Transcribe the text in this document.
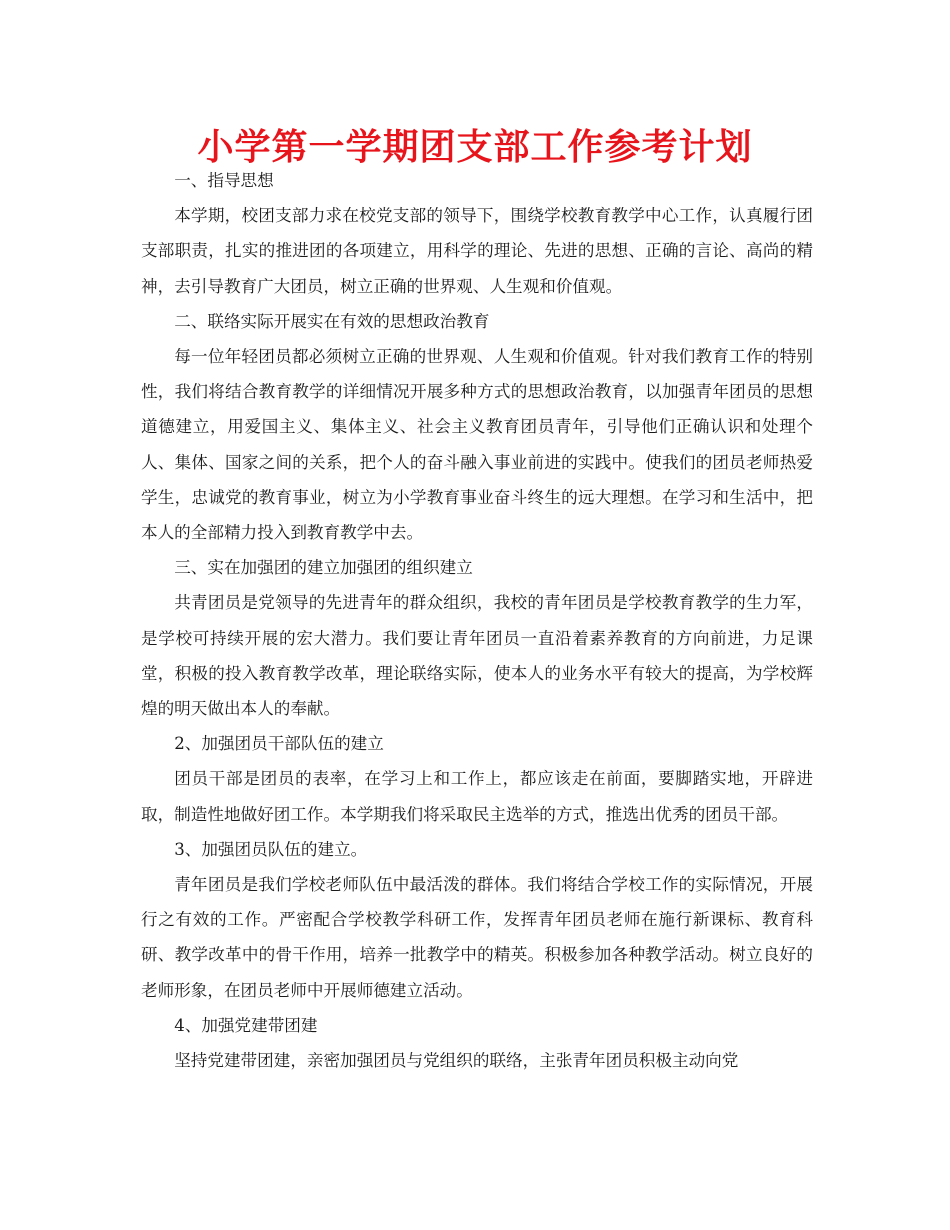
小学第一学期团支部工作参考计划

一、指导思想

本学期，校团支部力求在校党支部的领导下，围绕学校教育教学中心工作，认真履行团支部职责，扎实的推进团的各项建立，用科学的理论、先进的思想、正确的言论、高尚的精神，去引导教育广大团员，树立正确的世界观、人生观和价值观。

二、联络实际开展实在有效的思想政治教育

每一位年轻团员都必须树立正确的世界观、人生观和价值观。针对我们教育工作的特别性，我们将结合教育教学的详细情况开展多种方式的思想政治教育，以加强青年团员的思想道德建立，用爱国主义、集体主义、社会主义教育团员青年，引导他们正确认识和处理个人、集体、国家之间的关系，把个人的奋斗融入事业前进的实践中。使我们的团员老师热爱学生，忠诚党的教育事业，树立为小学教育事业奋斗终生的远大理想。在学习和生活中，把本人的全部精力投入到教育教学中去。

三、实在加强团的建立加强团的组织建立

共青团员是党领导的先进青年的群众组织，我校的青年团员是学校教育教学的生力军，是学校可持续开展的宏大潜力。我们要让青年团员一直沿着素养教育的方向前进，力足课堂，积极的投入教育教学改革，理论联络实际，使本人的业务水平有较大的提高，为学校辉煌的明天做出本人的奉献。

2、加强团员干部队伍的建立

团员干部是团员的表率，在学习上和工作上，都应该走在前面，要脚踏实地，开辟进取，制造性地做好团工作。本学期我们将采取民主选举的方式，推选出优秀的团员干部。

3、加强团员队伍的建立。

青年团员是我们学校老师队伍中最活泼的群体。我们将结合学校工作的实际情况，开展行之有效的工作。严密配合学校教学科研工作，发挥青年团员老师在施行新课标、教育科研、教学改革中的骨干作用，培养一批教学中的精英。积极参加各种教学活动。树立良好的老师形象，在团员老师中开展师德建立活动。

4、加强党建带团建

坚持党建带团建，亲密加强团员与党组织的联络，主张青年团员积极主动向党
